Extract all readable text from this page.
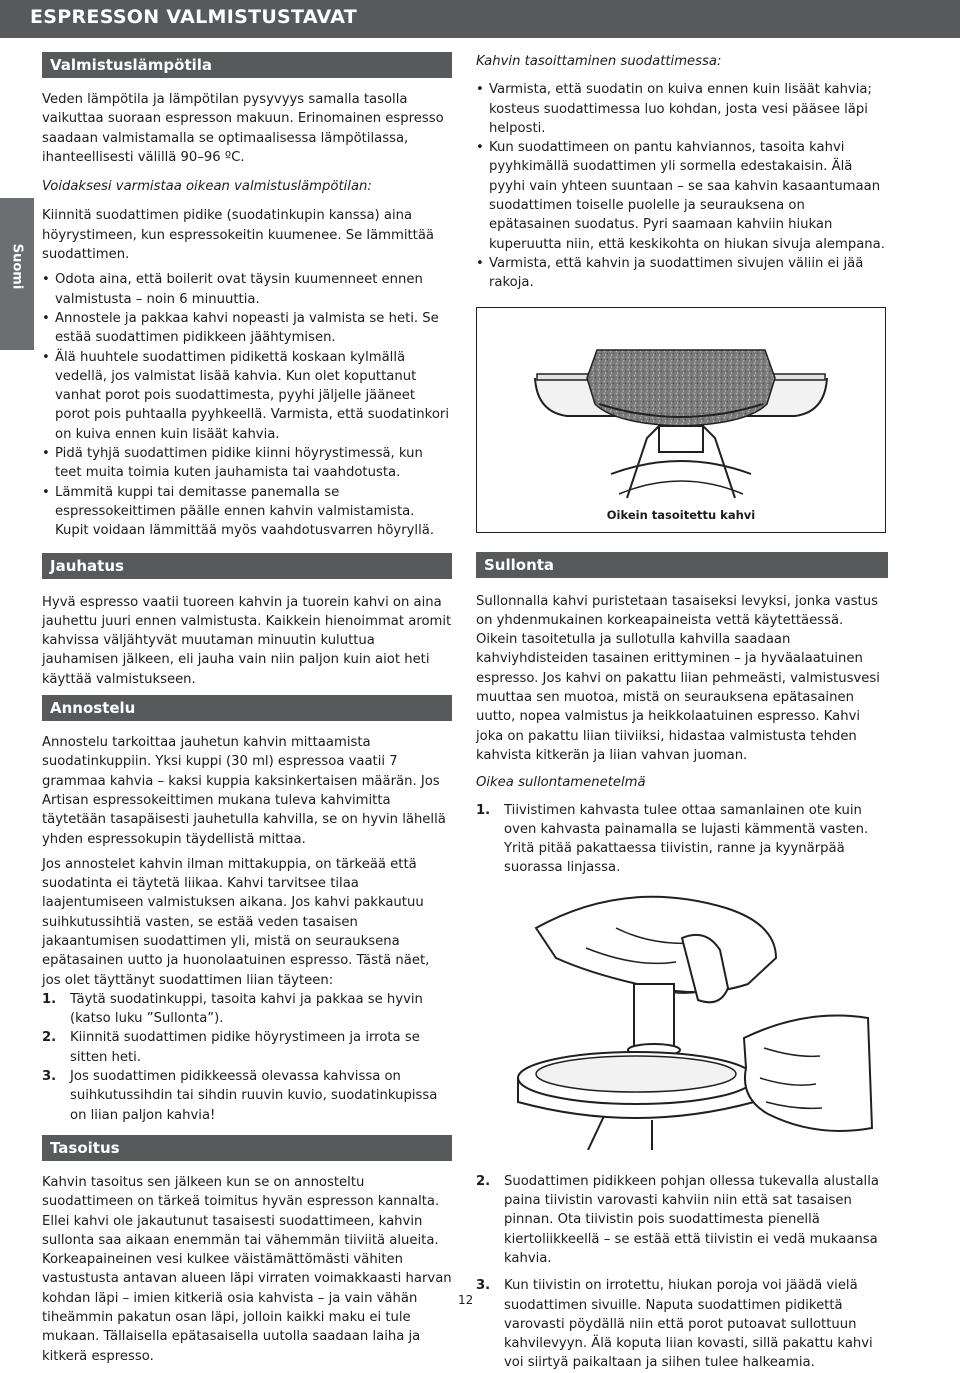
ESPRESSON VALMISTUSTAVAT
Suomi
Valmistuslämpötila

Veden lämpötila ja lämpötilan pysyvyys samalla tasolla vaikuttaa suoraan espresson makuun. Erinomainen espresso saadaan valmistamalla se optimaalisessa lämpötilassa, ihanteellisesti välillä 90–96 ºC.

Voidaksesi varmistaa oikean valmistuslämpötilan:

Kiinnitä suodattimen pidike (suodatinkupin kanssa) aina höyrystimeen, kun espressokeitin kuumenee. Se lämmittää suodattimen.

• Odota aina, että boilerit ovat täysin kuumenneet ennen valmistusta – noin 6 minuuttia.
• Annostele ja pakkaa kahvi nopeasti ja valmista se heti. Se estää suodattimen pidikkeen jäähtymisen.
• Älä huuhtele suodattimen pidikettä koskaan kylmällä vedellä, jos valmistat lisää kahvia. Kun olet koputtanut vanhat porot pois suodattimesta, pyyhi jäljelle jääneet porot pois puhtaalla pyyhkeellä. Varmista, että suodatinkori on kuiva ennen kuin lisäät kahvia.
• Pidä tyhjä suodattimen pidike kiinni höyrystimessä, kun teet muita toimia kuten jauhamista tai vaahdotusta.
• Lämmitä kuppi tai demitasse panemalla se espressokeittimen päälle ennen kahvin valmistamista. Kupit voidaan lämmittää myös vaahdotusvarren höyryllä.
Jauhatus

Hyvä espresso vaatii tuoreen kahvin ja tuorein kahvi on aina jauhettu juuri ennen valmistusta. Kaikkein hienoimmat aromit kahvissa väljähtyvät muutaman minuutin kuluttua jauhamisen jälkeen, eli jauha vain niin paljon kuin aiot heti käyttää valmistukseen.

Annostelu

Annostelu tarkoittaa jauhetun kahvin mittaamista suodatinkuppiin. Yksi kuppi (30 ml) espressoa vaatii 7 grammaa kahvia – kaksi kuppia kaksinkertaisen määrän. Jos Artisan espressokeittimen mukana tuleva kahvimitta täytetään tasapäisesti jauhetulla kahvilla, se on hyvin lähellä yhden espressokupin täydellistä mittaa.

Jos annostelet kahvin ilman mittakuppia, on tärkeää että suodatinta ei täytetä liikaa. Kahvi tarvitsee tilaa laajentumiseen valmistuksen aikana. Jos kahvi pakkautuu suihkutussihtiä vasten, se estää veden tasaisen jakaantumisen suodattimen yli, mistä on seurauksena epätasainen uutto ja huonolaatuinen espresso. Tästä näet, jos olet täyttänyt suodattimen liian täyteen:

1. Täytä suodatinkuppi, tasoita kahvi ja pakkaa se hyvin (katso luku ”Sullonta”).
2. Kiinnitä suodattimen pidike höyrystimeen ja irrota se sitten heti.
3. Jos suodattimen pidikkeessä olevassa kahvissa on suihkutussihdin tai sihdin ruuvin kuvio, suodatinkupissa on liian paljon kahvia!
Tasoitus

Kahvin tasoitus sen jälkeen kun se on annosteltu suodattimeen on tärkeä toimitus hyvän espresson kannalta. Ellei kahvi ole jakautunut tasaisesti suodattimeen, kahvin sullonta saa aikaan enemmän tai vähemmän tiiviitä alueita. Korkeapaineinen vesi kulkee väistämättömästi vähiten vastustusta antavan alueen läpi virraten voimakkaasti harvan kohdan läpi – imien kitkeriä osia kahvista – ja vain vähän tiheämmin pakatun osan läpi, jolloin kaikki maku ei tule mukaan. Tällaisella epätasaisella uutolla saadaan laiha ja kitkerä espresso.

Kahvin tasoittaminen suodattimessa:

• Varmista, että suodatin on kuiva ennen kuin lisäät kahvia; kosteus suodattimessa luo kohdan, josta vesi pääsee läpi helposti.
• Kun suodattimeen on pantu kahviannos, tasoita kahvi pyyhkimällä suodattimen yli sormella edestakaisin. Älä pyyhi vain yhteen suuntaan – se saa kahvin kasaantumaan suodattimen toiselle puolelle ja seurauksena on epätasainen suodatus. Pyri saamaan kahviin hiukan kuperuutta niin, että keskikohta on hiukan sivuja alempana.
• Varmista, että kahvin ja suodattimen sivujen väliin ei jää rakoja.
Oikein tasoitettu kahvi
Sullonta

Sullonnalla kahvi puristetaan tasaiseksi levyksi, jonka vastus on yhdenmukainen korkeapaineista vettä käytettäessä. Oikein tasoitetulla ja sullotulla kahvilla saadaan kahviyhdisteiden tasainen erittyminen – ja hyväalaatuinen espresso. Jos kahvi on pakattu liian pehmeästi, valmistusvesi muuttaa sen muotoa, mistä on seurauksena epätasainen uutto, nopea valmistus ja heikkolaatuinen espresso. Kahvi joka on pakattu liian tiiviiksi, hidastaa valmistusta tehden kahvista kitkerän ja liian vahvan juoman.

Oikea sullontamenetelmä

1. Tiivistimen kahvasta tulee ottaa samanlainen ote kuin oven kahvasta painamalla se lujasti kämmentä vasten. Yritä pitää pakattaessa tiivistin, ranne ja kyynärpää suorassa linjassa.
2. Suodattimen pidikkeen pohjan ollessa tukevalla alustalla paina tiivistin varovasti kahviin niin että sat tasaisen pinnan. Ota tiivistin pois suodattimesta pienellä kiertoliikkeellä – se estää että tiivistin ei vedä mukaansa kahvia.
3. Kun tiivistin on irrotettu, hiukan poroja voi jäädä vielä suodattimen sivuille. Naputa suodattimen pidikettä varovasti pöydällä niin että porot putoavat sullottuun kahvilevyyn. Älä koputa liian kovasti, sillä pakattu kahvi voi siirtyä paikaltaan ja siihen tulee halkeamia.
12
